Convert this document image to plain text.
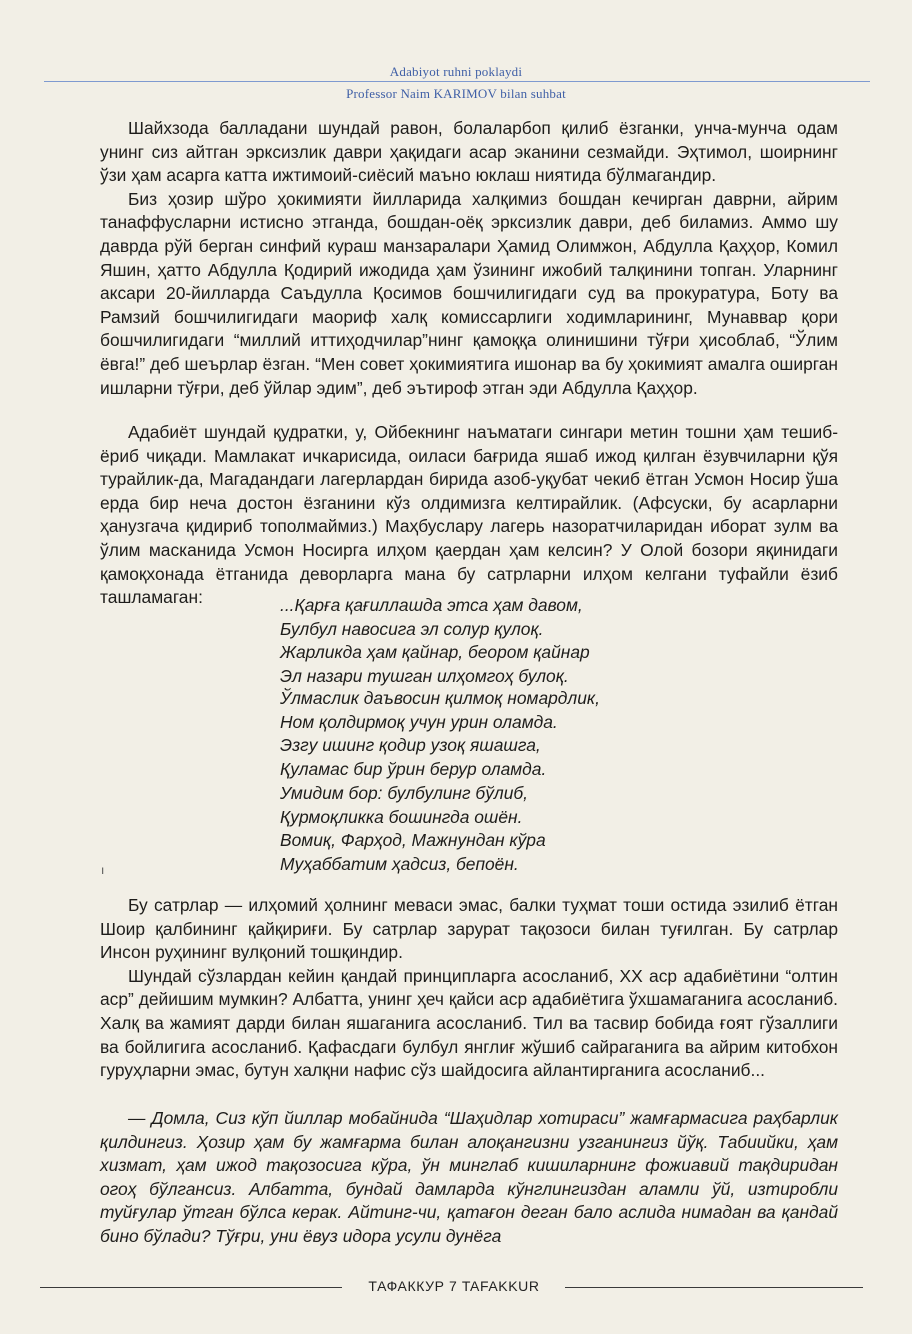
Adabiyot ruhni poklaydi
Professor Naim KARIMOV bilan suhbat

Шайхзода балладани шундай равон, болаларбоп қилиб ёзганки, унча-мунча одам унинг сиз айтган эрксизлик даври ҳақидаги асар эканини сезмайди. Эҳтимол, шоирнинг ўзи ҳам асарга катта ижтимоий-сиёсий маъно юклаш ниятида бўлмагандир.

Биз ҳозир шўро ҳокимияти йилларида халқимиз бошдан кечирган даврни, айрим танаффусларни истисно этганда, бошдан-оёқ эрксизлик даври, деб биламиз. Аммо шу даврда рўй берган синфий кураш манзаралари Ҳамид Олимжон, Абдулла Қаҳҳор, Комил Яшин, ҳатто Абдулла Қодирий ижодида ҳам ўзининг ижобий талқинини топган. Уларнинг аксари 20-йилларда Саъдулла Қосимов бошчилигидаги суд ва прокуратура, Боту ва Рамзий бошчилигидаги маориф халқ комиссарлиги ходимларининг, Мунаввар қори бошчилигидаги “миллий иттиҳодчилар”нинг қамоққа олинишини тўғри ҳисоблаб, “Ўлим ёвга!” деб шеърлар ёзган. “Мен совет ҳокимиятига ишонар ва бу ҳокимият амалга оширган ишларни тўғри, деб ўйлар эдим”, деб эътироф этган эди Абдулла Қаҳҳор.

Адабиёт шундай қудратки, у, Ойбекнинг наъматаги сингари метин тошни ҳам тешиб-ёриб чиқади. Мамлакат ичкарисида, оиласи бағрида яшаб ижод қилган ёзувчиларни қўя турайлик-да, Магадандаги лагерлардан бирида азоб-уқубат чекиб ётган Усмон Носир ўша ерда бир неча достон ёзганини кўз олдимизга келтирайлик. (Афсуски, бу асарларни ҳанузгача қидириб тополмаймиз.) Маҳбуслару лагерь назоратчиларидан иборат зулм ва ўлим масканида Усмон Носирга илҳом қаердан ҳам келсин? У Олой бозори яқинидаги қамоқхонада ётганида деворларга мана бу сатрларни илҳом келгани туфайли ёзиб ташламаган:	...Қарға қағиллашда этса ҳам давом,
Булбул навосига эл солур қулоқ.
Жарликда ҳам қайнар, беором қайнар
Эл назари тушган илҳомгоҳ булоқ.
Ўлмаслик даъвосин қилмоқ номардлик,
Ном қолдирмоқ учун урин оламда.
Эзгу ишинг қодир узоқ яшашга,
Қуламас бир ўрин берур оламда.
Умидим бор: булбулинг бўлиб,
Қурмоқликка бошингда ошён.
Вомиқ, Фарҳод, Мажнундан кўра
Муҳаббатим ҳадсиз, бепоён.
ı

Бу сатрлар — илҳомий ҳолнинг меваси эмас, балки туҳмат тоши остида эзилиб ётган Шоир қалбининг қайқириғи. Бу сатрлар зарурат тақозоси билан туғилган. Бу сатрлар Инсон руҳининг вулқоний тошқиндир.

Шундай сўзлардан кейин қандай принципларга асосланиб, ХХ аср адабиётини “олтин аср” дейишим мумкин? Албатта, унинг ҳеч қайси аср адабиётига ўхшамаганига асосланиб. Халқ ва жамият дарди билан яшаганига асосланиб. Тил ва тасвир бобида ғоят гўзаллиги ва бойлигига асосланиб. Қафасдаги булбул янглиғ жўшиб сайраганига ва айрим китобхон гуруҳларни эмас, бутун халқни нафис сўз шайдосига айлантирганига асосланиб...

— Домла, Сиз кўп йиллар мобайнида “Шаҳидлар хотираси” жамғармасига раҳбарлик қилдингиз. Ҳозир ҳам бу жамғарма билан алоқангизни узганингиз йўқ. Табиийки, ҳам хизмат, ҳам ижод тақозосига кўра, ўн минглаб кишиларнинг фожиавий тақдиридан огоҳ бўлгансиз. Албатта, бундай дамларда кўнглингиздан аламли ўй, изтиробли туйғулар ўтган бўлса керак. Айтинг-чи, қатағон деган бало аслида нимадан ва қандай бино бўлади? Тўғри, уни ёвуз идора усули дунёга

ТАФАККУР 7 TAFAKKUR
